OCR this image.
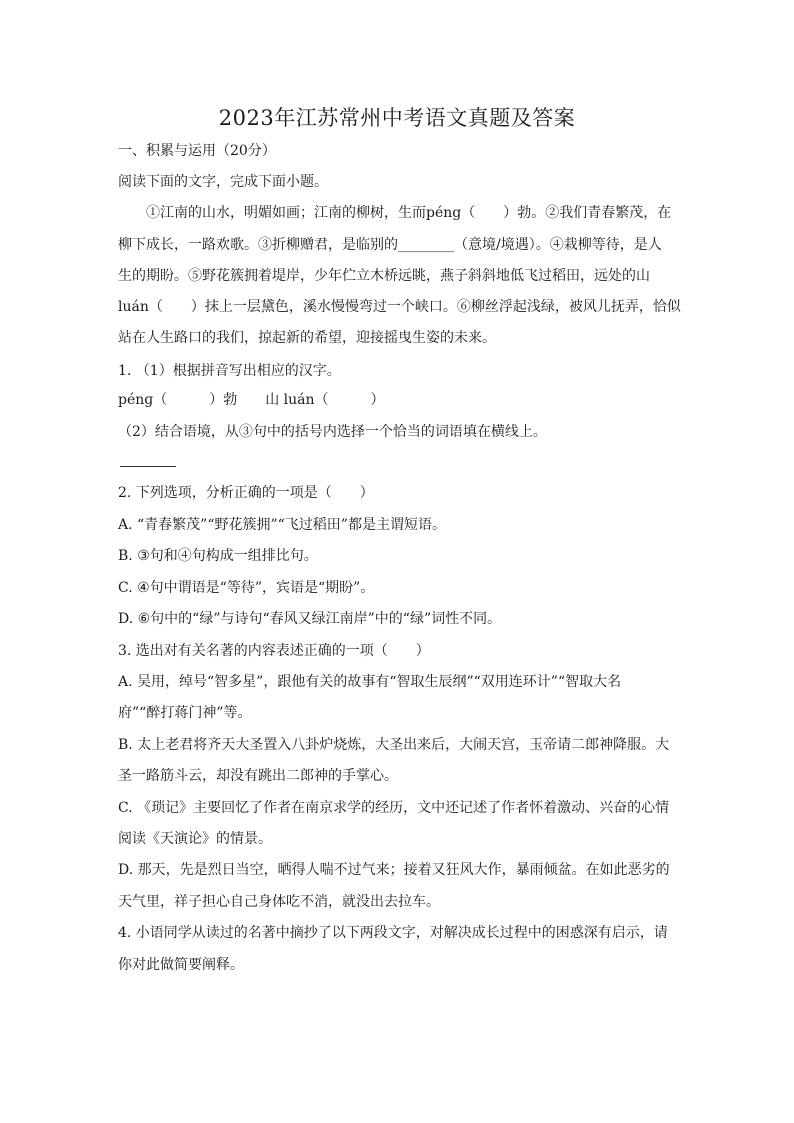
2023年江苏常州中考语文真题及答案
一、积累与运用（20分）
阅读下面的文字，完成下面小题。
①江南的山水，明媚如画；江南的柳树，生而péng（　　）勃。②我们青春繁茂，在
柳下成长，一路欢歌。③折柳赠君，是临别的________（意境/境遇）。④栽柳等待，是人
生的期盼。⑤野花簇拥着堤岸，少年伫立木桥远眺，燕子斜斜地低飞过稻田，远处的山
luán（　　）抹上一层黛色，溪水慢慢弯过一个峡口。⑥柳丝浮起浅绿，被风儿抚弄，恰似
站在人生路口的我们，掠起新的希望，迎接摇曳生姿的未来。
1. （1）根据拼音写出相应的汉字。
pénɡ（　　　）勃　　山 luán（　　　）
（2）结合语境，从③句中的括号内选择一个恰当的词语填在横线上。
2. 下列选项，分析正确的一项是（　　）
A. “青春繁茂”“野花簇拥”“飞过稻田”都是主谓短语。
B. ③句和④句构成一组排比句。
C. ④句中谓语是“等待”，宾语是“期盼”。
D. ⑥句中的“绿”与诗句“春风又绿江南岸”中的“绿”词性不同。
3. 选出对有关名著的内容表述正确的一项（　　）
A. 吴用，绰号“智多星”，跟他有关的故事有“智取生辰纲”“双用连环计”“智取大名
府”“醉打蒋门神”等。
B. 太上老君将齐天大圣置入八卦炉烧炼，大圣出来后，大闹天宫，玉帝请二郎神降服。大
圣一路筋斗云，却没有跳出二郎神的手掌心。
C. 《琐记》主要回忆了作者在南京求学的经历，文中还记述了作者怀着激动、兴奋的心情
阅读《天演论》的情景。
D. 那天，先是烈日当空，晒得人喘不过气来；接着又狂风大作，暴雨倾盆。在如此恶劣的
天气里，祥子担心自己身体吃不消，就没出去拉车。
4. 小语同学从读过的名著中摘抄了以下两段文字，对解决成长过程中的困惑深有启示，请
你对此做简要阐释。
